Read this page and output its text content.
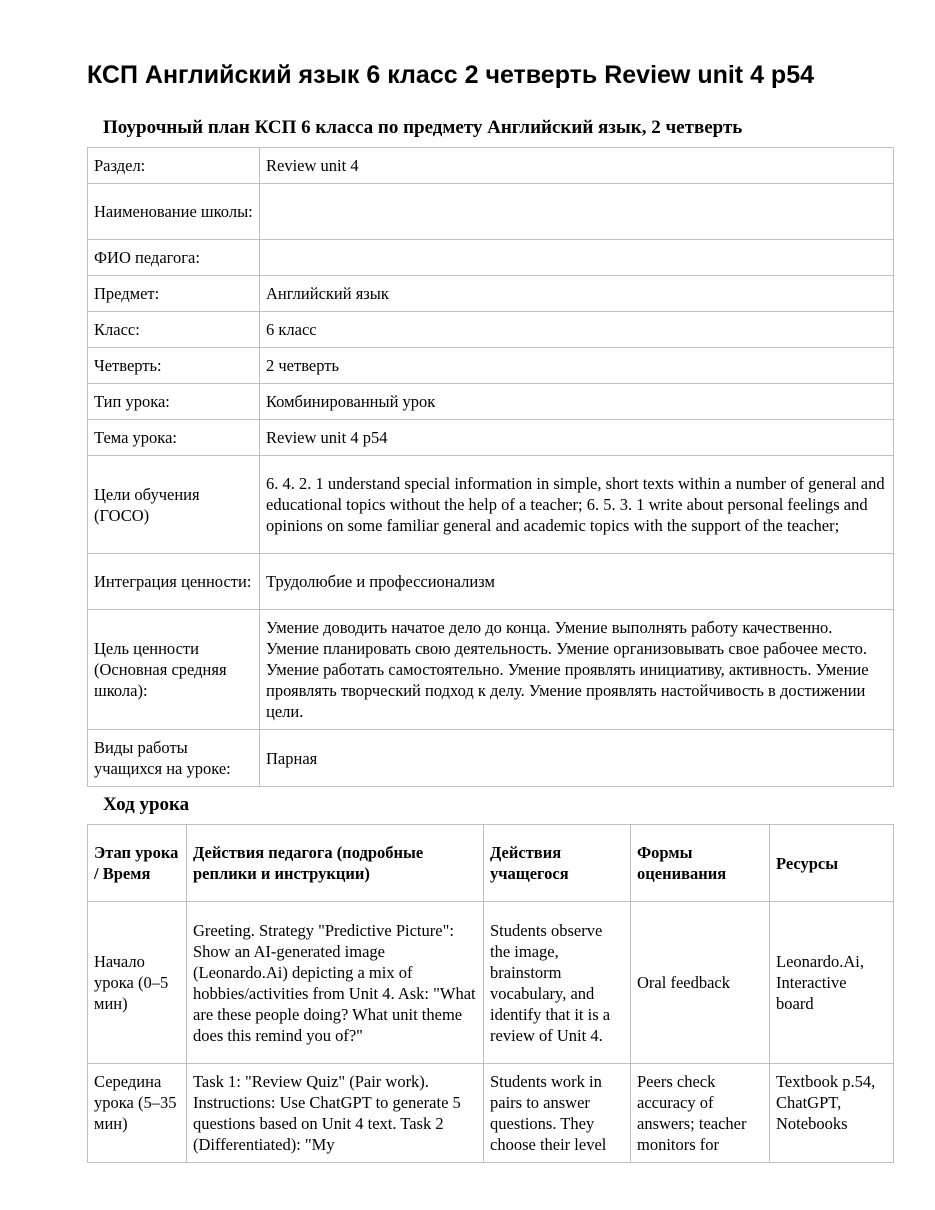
КСП Английский язык 6 класс 2 четверть Review unit 4 p54
Поурочный план КСП 6 класса по предмету Английский язык, 2 четверть
Раздел:	Review unit 4
Наименование школы:	
ФИО педагога:	
Предмет:	Английский язык
Класс:	6 класс
Четверть:	2 четверть
Тип урока:	Комбинированный урок
Тема урока:	Review unit 4 p54
Цели обучения (ГОСО)	6. 4. 2. 1 understand special information in simple, short texts within a number of general and educational topics without the help of a teacher; 6. 5. 3. 1 write about personal feelings and opinions on some familiar general and academic topics with the support of the teacher;
Интеграция ценности:	Трудолюбие и профессионализм
Цель ценности (Основная средняя школа):	Умение доводить начатое дело до конца. Умение выполнять работу качественно. Умение планировать свою деятельность. Умение организовывать свое рабочее место. Умение работать самостоятельно. Умение проявлять инициативу, активность. Умение проявлять творческий подход к делу. Умение проявлять настойчивость в достижении цели.
Виды работы учащихся на уроке:	Парная
Ход урока
Этап урока / Время	Действия педагога (подробные реплики и инструкции)	Действия учащегося	Формы оценивания	Ресурсы
Начало урока (0–5 мин)	Greeting. Strategy "Predictive Picture": Show an AI-generated image (Leonardo.Ai) depicting a mix of hobbies/activities from Unit 4. Ask: "What are these people doing? What unit theme does this remind you of?"	Students observe the image, brainstorm vocabulary, and identify that it is a review of Unit 4.	Oral feedback	Leonardo.Ai, Interactive board

Середина урока (5–35 мин)	Task 1: "Review Quiz" (Pair work). Instructions: Use ChatGPT to generate 5 questions based on Unit 4 text. Task 2 (Differentiated): "My	Students work in pairs to answer questions. They choose their level	Peers check accuracy of answers; teacher monitors for	Textbook p.54, ChatGPT, Notebooks
